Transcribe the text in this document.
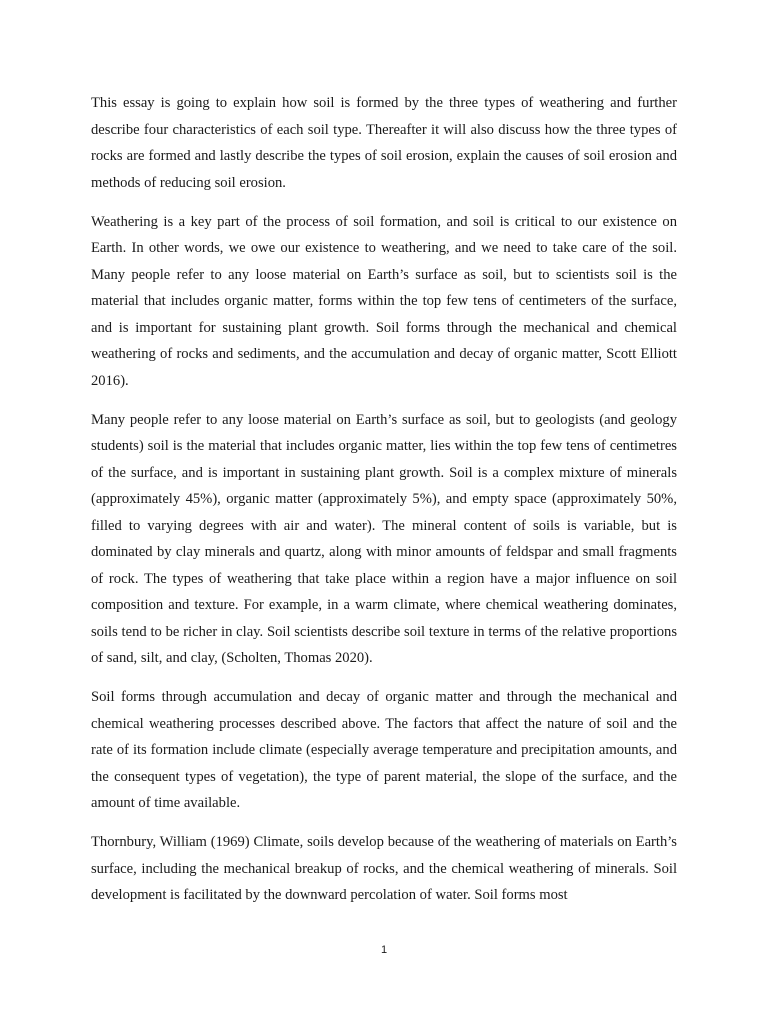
This essay is going to explain how soil is formed by the three types of weathering and further describe four characteristics of each soil type. Thereafter it will also discuss how the three types of rocks are formed and lastly describe the types of soil erosion, explain the causes of soil erosion and methods of reducing soil erosion.

Weathering is a key part of the process of soil formation, and soil is critical to our existence on Earth. In other words, we owe our existence to weathering, and we need to take care of the soil. Many people refer to any loose material on Earth’s surface as soil, but to scientists soil is the material that includes organic matter, forms within the top few tens of centimeters of the surface, and is important for sustaining plant growth. Soil forms through the mechanical and chemical weathering of rocks and sediments, and the accumulation and decay of organic matter, Scott Elliott 2016).

Many people refer to any loose material on Earth’s surface as soil, but to geologists (and geology students) soil is the material that includes organic matter, lies within the top few tens of centimetres of the surface, and is important in sustaining plant growth. Soil is a complex mixture of minerals (approximately 45%), organic matter (approximately 5%), and empty space (approximately 50%, filled to varying degrees with air and water). The mineral content of soils is variable, but is dominated by clay minerals and quartz, along with minor amounts of feldspar and small fragments of rock. The types of weathering that take place within a region have a major influence on soil composition and texture. For example, in a warm climate, where chemical weathering dominates, soils tend to be richer in clay. Soil scientists describe soil texture in terms of the relative proportions of sand, silt, and clay, (Scholten, Thomas 2020).

Soil forms through accumulation and decay of organic matter and through the mechanical and chemical weathering processes described above. The factors that affect the nature of soil and the rate of its formation include climate (especially average temperature and precipitation amounts, and the consequent types of vegetation), the type of parent material, the slope of the surface, and the amount of time available.

Thornbury, William (1969) Climate, soils develop because of the weathering of materials on Earth’s surface, including the mechanical breakup of rocks, and the chemical weathering of minerals. Soil development is facilitated by the downward percolation of water. Soil forms most

1
